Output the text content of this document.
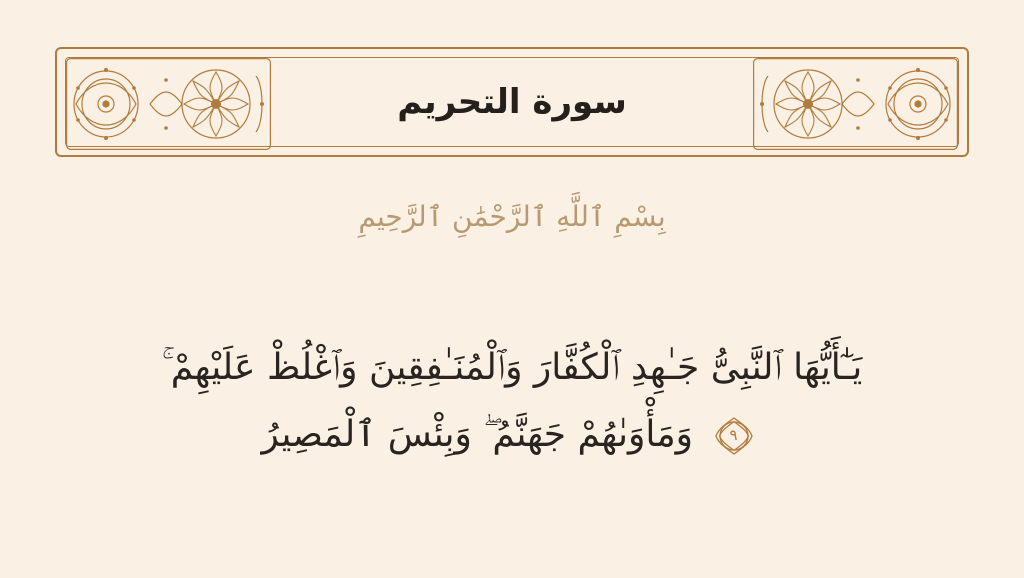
سورة التحريم
بِسْمِ ٱللَّهِ ٱلرَّحْمَٰنِ ٱلرَّحِيمِ
يَـٰٓأَيُّهَا ٱلنَّبِىُّ جَـٰهِدِ ٱلْكُفَّارَ وَٱلْمُنَـٰفِقِينَ وَٱغْلُظْ عَلَيْهِمْ ۚ
٩
وَمَأْوَىٰهُمْ جَهَنَّمُ ۖ وَبِئْسَ ٱلْمَصِيرُ
